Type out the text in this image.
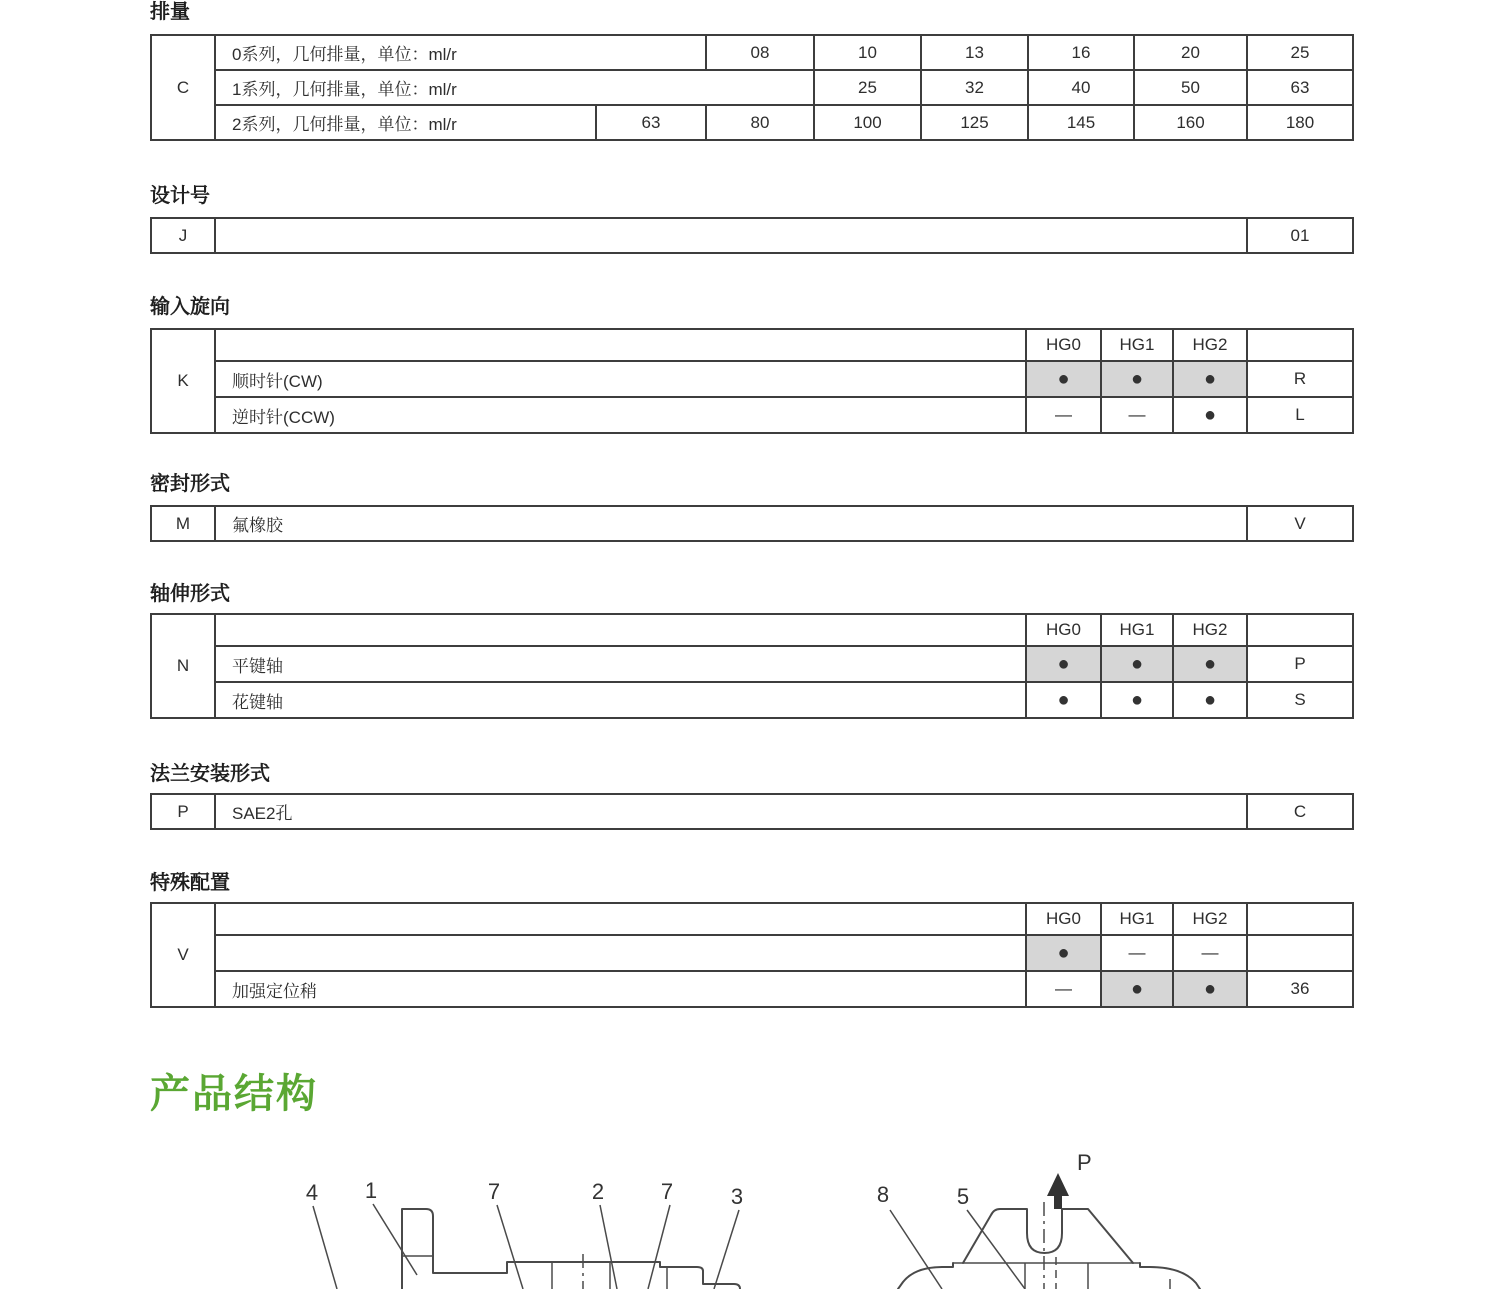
排量
C	0系列，几何排量，单位：ml/r		08	10	13	16	20	25
	1系列，几何排量，单位：ml/r			25	32	40	50	63
	2系列，几何排量，单位：ml/r	63	80	100	125	145	160	180
设计号
J		01
输入旋向
K		HG0	HG1	HG2	
	顺时针(CW)	●	●	●	R
	逆时针(CCW)	—	—	●	L
密封形式
M	氟橡胶	V
轴伸形式
N		HG0	HG1	HG2	
	平键轴	●	●	●	P
	花键轴	●	●	●	S
法兰安装形式
P	SAE2孔	C
特殊配置
V		HG0	HG1	HG2	
		●	—	—	
	加强定位稍	—	●	●	36
产品结构
4 1	7	2	7	3	8	5
P
